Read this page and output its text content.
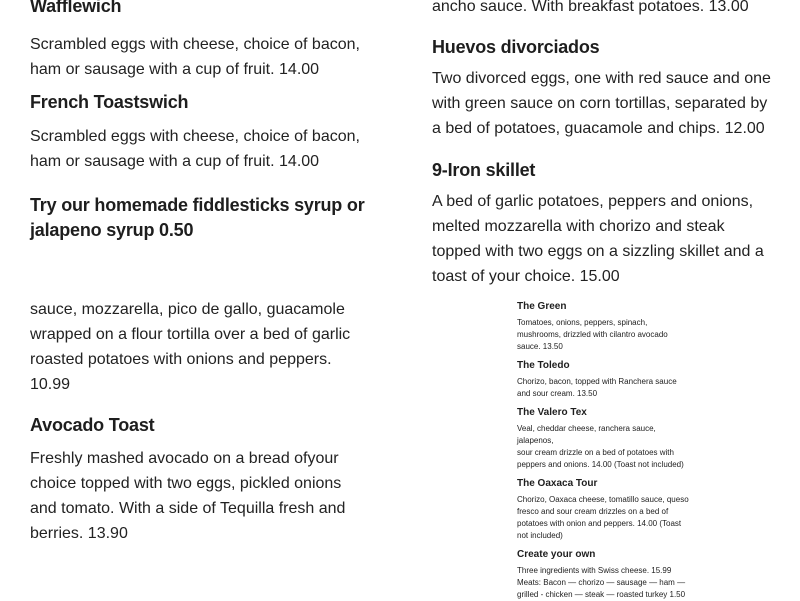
Wafflewich

Scrambled eggs with cheese, choice of bacon,

ham or sausage with a cup of fruit. 14.00

French Toastswich

Scrambled eggs with cheese, choice of bacon,

ham or sausage with a cup of fruit. 14.00

Try our homemade fiddlesticks syrup or
jalapeno syrup 0.50

sauce, mozzarella, pico de gallo, guacamole

wrapped on a flour tortilla over a bed of garlic

roasted potatoes with onions and peppers.

10.99

Avocado Toast

Freshly mashed avocado on a bread ofyour

choice topped with two eggs, pickled onions

and tomato. With a side of Tequilla fresh and

berries. 13.90

ancho sauce. With breakfast potatoes. 13.00

Huevos divorciados

Two divorced eggs, one with red sauce and one

with green sauce on corn tortillas, separated by

a bed of potatoes, guacamole and chips. 12.00

9-Iron skillet

A bed of garlic potatoes, peppers and onions,

melted mozzarella with chorizo and steak

topped with two eggs on a sizzling skillet and a

toast of your choice. 15.00

The Green

Tomatoes, onions, peppers, spinach,

mushrooms, drizzled with cilantro avocado

sauce. 13.50

The Toledo

Chorizo, bacon, topped with Ranchera sauce

and sour cream. 13.50

The Valero Tex

Veal, cheddar cheese, ranchera sauce, jalapenos,

sour cream drizzle on a bed of potatoes with

peppers and onions. 14.00 (Toast not included)

The Oaxaca Tour

Chorizo, Oaxaca cheese, tomatillo sauce, queso

fresco and sour cream drizzles on a bed of

potatoes with onion and peppers. 14.00 (Toast

not included)

Create your own

Three ingredients with Swiss cheese. 15.99

Meats: Bacon — chorizo — sausage — ham —

grilled - chicken — steak — roasted turkey 1.50
